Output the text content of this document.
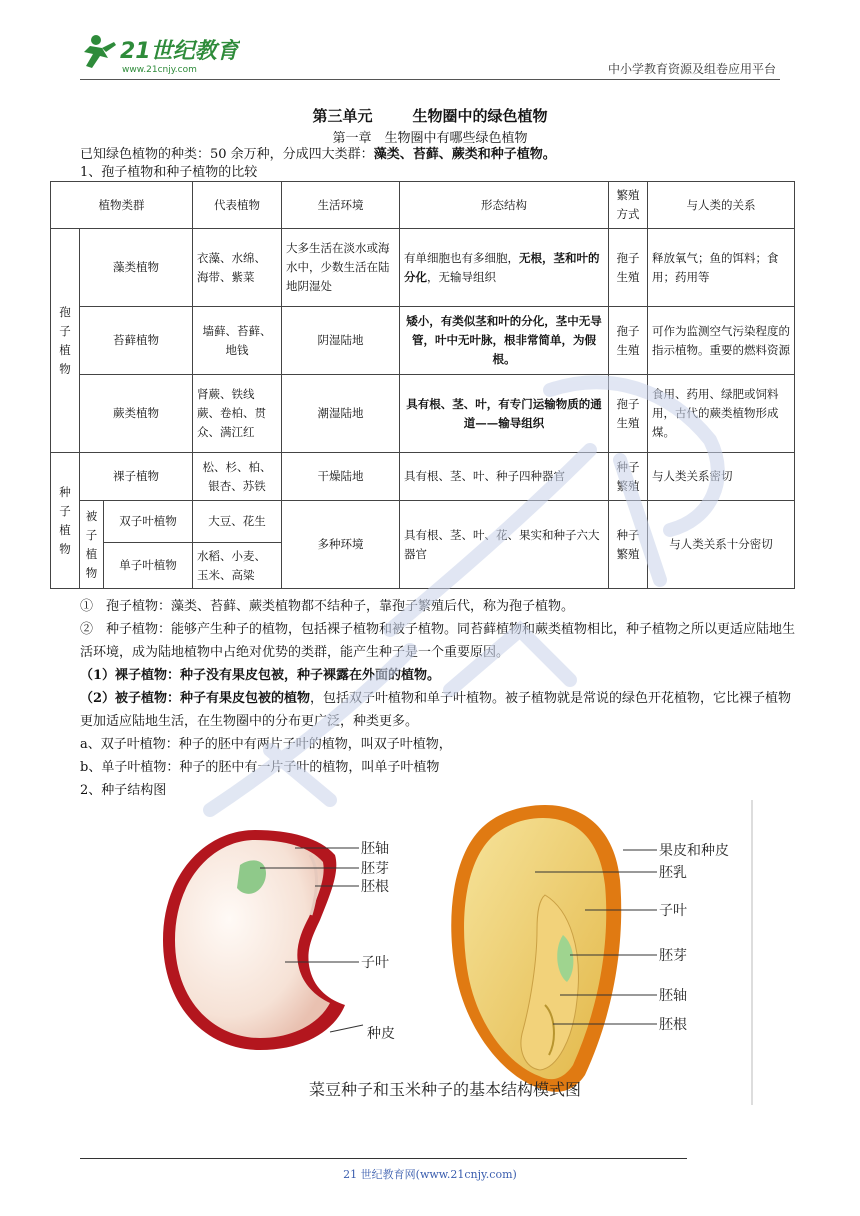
21世纪教育
www.21cnjy.com	中小学教育资源及组卷应用平台
第三单元	生物圈中的绿色植物
第一章　生物圈中有哪些绿色植物
已知绿色植物的种类：50 余万种，分成四大类群：藻类、苔藓、蕨类和种子植物。
1、孢子植物和种子植物的比较
植物类群			代表植物	生活环境	形态结构	繁殖方式	与人类的关系
孢子植物	藻类植物		衣藻、水绵、海带、紫菜	大多生活在淡水或海水中，少数生活在陆地阴湿处	有单细胞也有多细胞，无根，茎和叶的分化，无输导组织	孢子生殖	释放氧气；鱼的饵料；食用；药用等
	苔藓植物		墙藓、苔藓、地钱	阴湿陆地	矮小，有类似茎和叶的分化，茎中无导管，叶中无叶脉，根非常简单，为假根。	孢子生殖	可作为监测空气污染程度的指示植物。重要的燃料资源
	蕨类植物		肾蕨、铁线蕨、卷柏、贯众、满江红	潮湿陆地	具有根、茎、叶，有专门运输物质的通道——输导组织	孢子生殖	食用、药用、绿肥或饲料用，古代的蕨类植物形成煤。
种子植物	裸子植物		松、杉、柏、银杏、苏铁	干燥陆地	具有根、茎、叶、种子四种器官	种子繁殖	与人类关系密切
	被子植物	双子叶植物	大豆、花生	多种环境	具有根、茎、叶、花、果实和种子六大器官	种子繁殖	与人类关系十分密切
		单子叶植物	水稻、小麦、玉米、高粱				
①　孢子植物：藻类、苔藓、蕨类植物都不结种子，靠孢子繁殖后代，称为孢子植物。
②　种子植物：能够产生种子的植物，包括裸子植物和被子植物。同苔藓植物和蕨类植物相比，种子植物之所以更适应陆地生活环境，成为陆地植物中占绝对优势的类群，能产生种子是一个重要原因。
（1）裸子植物：种子没有果皮包被，种子裸露在外面的植物。
（2）被子植物：种子有果皮包被的植物，包括双子叶植物和单子叶植物。被子植物就是常说的绿色开花植物，它比裸子植物更加适应陆地生活，在生物圈中的分布更广泛，种类更多。
a、双子叶植物：种子的胚中有两片子叶的植物，叫双子叶植物，
b、单子叶植物：种子的胚中有一片子叶的植物，叫单子叶植物
2、种子结构图
胚轴
胚芽
胚根
子叶
种皮
果皮和种皮
胚乳
子叶
胚芽
胚轴
胚根
菜豆种子和玉米种子的基本结构模式图
21 世纪教育网(www.21cnjy.com)
